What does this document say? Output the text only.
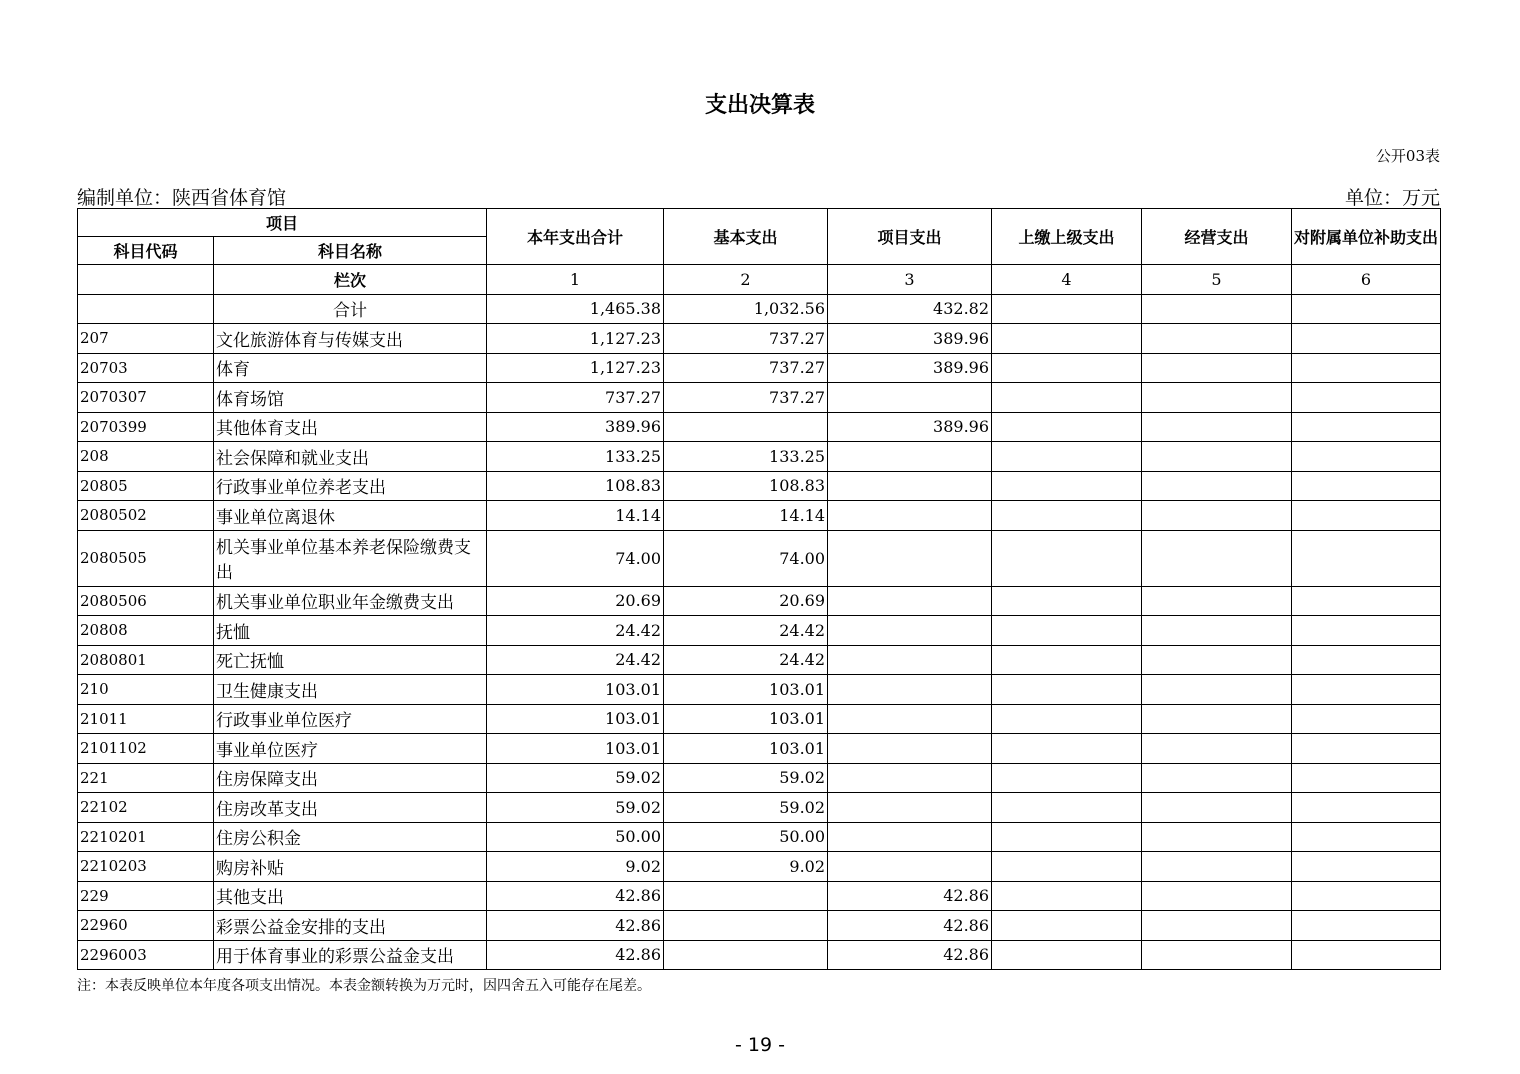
支出决算表
公开03表
编制单位：陕西省体育馆	单位：万元
项目		本年支出合计	基本支出	项目支出	上缴上级支出	经营支出	对附属单位补助支出
科目代码	科目名称						
	栏次	1	2	3	4	5	6
	合计	1,465.38	1,032.56	432.82			
207	文化旅游体育与传媒支出	1,127.23	737.27	389.96			
20703	体育	1,127.23	737.27	389.96			
2070307	体育场馆	737.27	737.27				
2070399	其他体育支出	389.96		389.96			
208	社会保障和就业支出	133.25	133.25				
20805	行政事业单位养老支出	108.83	108.83				
2080502	事业单位离退休	14.14	14.14				
2080505	机关事业单位基本养老保险缴费支出	74.00	74.00				
2080506	机关事业单位职业年金缴费支出	20.69	20.69				
20808	抚恤	24.42	24.42				
2080801	死亡抚恤	24.42	24.42				
210	卫生健康支出	103.01	103.01				
21011	行政事业单位医疗	103.01	103.01				
2101102	事业单位医疗	103.01	103.01				
221	住房保障支出	59.02	59.02				
22102	住房改革支出	59.02	59.02				
2210201	住房公积金	50.00	50.00				
2210203	购房补贴	9.02	9.02				
229	其他支出	42.86		42.86			
22960	彩票公益金安排的支出	42.86		42.86			
2296003	用于体育事业的彩票公益金支出	42.86		42.86			
注：本表反映单位本年度各项支出情况。本表金额转换为万元时，因四舍五入可能存在尾差。
- 19 -
